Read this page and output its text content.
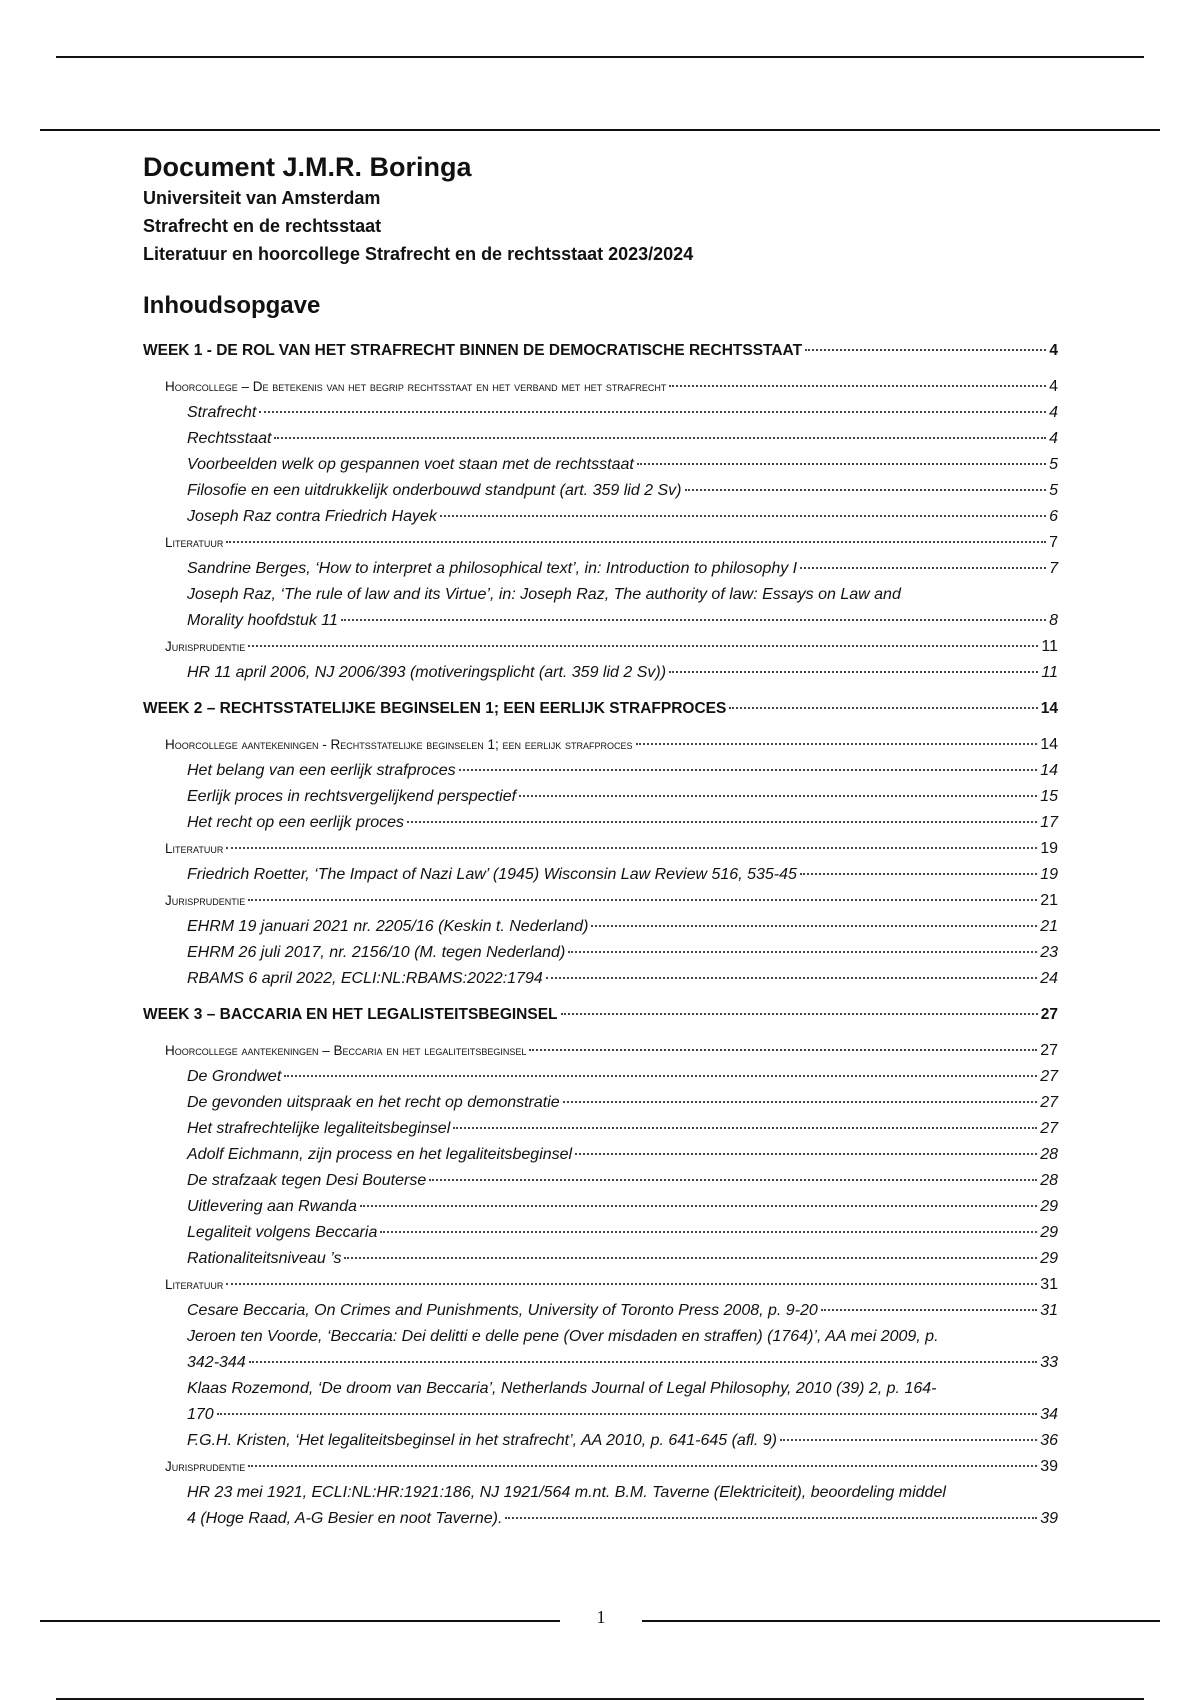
Document J.M.R. Boringa
Universiteit van Amsterdam
Strafrecht en de rechtsstaat
Literatuur en hoorcollege Strafrecht en de rechtsstaat 2023/2024
Inhoudsopgave
WEEK 1 - DE ROL VAN HET STRAFRECHT BINNEN DE DEMOCRATISCHE RECHTSSTAAT	4
Hoorcollege – De betekenis van het begrip rechtsstaat en het verband met het strafrecht	4
Strafrecht	4
Rechtsstaat	4
Voorbeelden welk op gespannen voet staan met de rechtsstaat	5
Filosofie en een uitdrukkelijk onderbouwd standpunt (art. 359 lid 2 Sv)	5
Joseph Raz contra Friedrich Hayek	6
Literatuur	7
Sandrine Berges, ‘How to interpret a philosophical text’, in: Introduction to philosophy I	7
Joseph Raz, ‘The rule of law and its Virtue’, in: Joseph Raz, The authority of law: Essays on Law and
Morality hoofdstuk 11	8
Jurisprudentie	11
HR 11 april 2006, NJ 2006/393 (motiveringsplicht (art. 359 lid 2 Sv))	11
WEEK 2 – RECHTSSTATELIJKE BEGINSELEN 1; EEN EERLIJK STRAFPROCES	14
Hoorcollege aantekeningen - Rechtsstatelijke beginselen 1; een eerlijk strafproces	14
Het belang van een eerlijk strafproces	14
Eerlijk proces in rechtsvergelijkend perspectief	15
Het recht op een eerlijk proces	17
Literatuur	19
Friedrich Roetter, ‘The Impact of Nazi Law’ (1945) Wisconsin Law Review 516, 535-45	19
Jurisprudentie	21
EHRM 19 januari 2021 nr. 2205/16 (Keskin t. Nederland)	21
EHRM 26 juli 2017, nr. 2156/10 (M. tegen Nederland)	23
RBAMS 6 april 2022, ECLI:NL:RBAMS:2022:1794	24
WEEK 3 – BACCARIA EN HET LEGALISTEITSBEGINSEL	27
Hoorcollege aantekeningen – Beccaria en het legaliteitsbeginsel	27
De Grondwet	27
De gevonden uitspraak en het recht op demonstratie	27
Het strafrechtelijke legaliteitsbeginsel	27
Adolf Eichmann, zijn process en het legaliteitsbeginsel	28
De strafzaak tegen Desi Bouterse	28
Uitlevering aan Rwanda	29
Legaliteit volgens Beccaria	29
Rationaliteitsniveau ’s	29
Literatuur	31
Cesare Beccaria, On Crimes and Punishments, University of Toronto Press 2008, p. 9-20	31
Jeroen ten Voorde, ‘Beccaria: Dei delitti e delle pene (Over misdaden en straffen) (1764)’, AA mei 2009, p.
342-344	33
Klaas Rozemond, ‘De droom van Beccaria’, Netherlands Journal of Legal Philosophy, 2010 (39) 2, p. 164-
170	34
F.G.H. Kristen, ‘Het legaliteitsbeginsel in het strafrecht’, AA 2010, p. 641-645 (afl. 9)	36
Jurisprudentie	39
HR 23 mei 1921, ECLI:NL:HR:1921:186, NJ 1921/564 m.nt. B.M. Taverne (Elektriciteit), beoordeling middel
4 (Hoge Raad, A-G Besier en noot Taverne).	39
1
